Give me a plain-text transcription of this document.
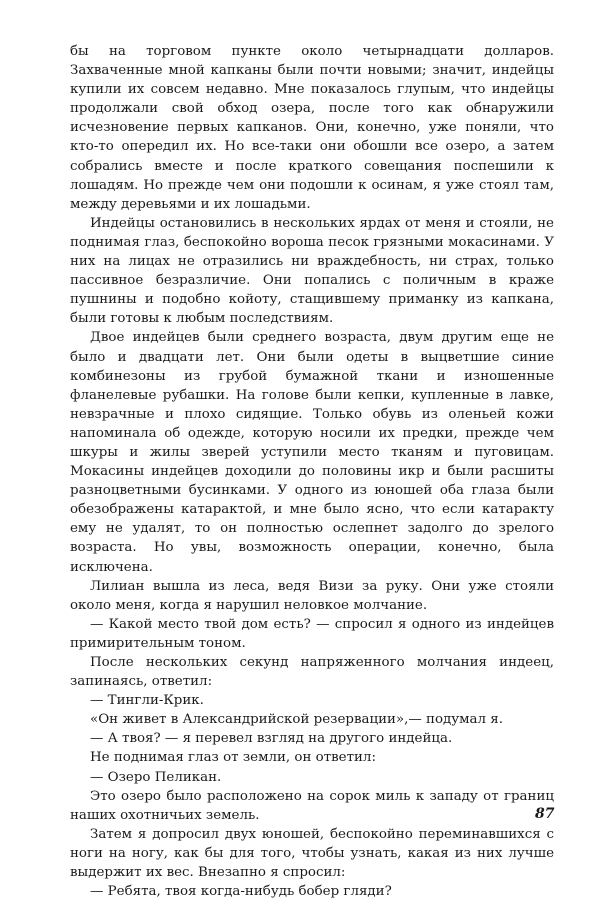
бы на торговом пункте около четырнадцати долларов. Захваченные мной капканы были почти новыми; значит, индейцы купили их совсем недавно. Мне показалось глупым, что индейцы продолжали свой обход озера, после того как обнаружили исчезновение первых капканов. Они, конечно, уже поняли, что кто-то опередил их. Но все-таки они обошли все озеро, а затем собрались вместе и после краткого совещания поспешили к лошадям. Но прежде чем они подошли к осинам, я уже стоял там, между деревьями и их лошадьми.

Индейцы остановились в нескольких ярдах от меня и стояли, не поднимая глаз, беспокойно вороша песок грязными мокасинами. У них на лицах не отразились ни враждебность, ни страх, только пассивное безразличие. Они попались с поличным в краже пушнины и подобно койоту, стащившему приманку из капкана, были готовы к любым последствиям.

Двое индейцев были среднего возраста, двум другим еще не было и двадцати лет. Они были одеты в выцветшие синие комбинезоны из грубой бумажной ткани и изношенные фланелевые рубашки. На голове были кепки, купленные в лавке, невзрачные и плохо сидящие. Только обувь из оленьей кожи напоминала об одежде, которую носили их предки, прежде чем шкуры и жилы зверей уступили место тканям и пуговицам. Мокасины индейцев доходили до половины икр и были расшиты разноцветными бусинками. У одного из юношей оба глаза были обезображены катарактой, и мне было ясно, что если катаракту ему не удалят, то он полностью ослепнет задолго до зрелого возраста. Но увы, возможность операции, конечно, была исключена.

Лилиан вышла из леса, ведя Визи за руку. Они уже стояли около меня, когда я нарушил неловкое молчание.

— Какой место твой дом есть? — спросил я одного из индейцев примирительным тоном.

После нескольких секунд напряженного молчания индеец, запинаясь, ответил:

— Тингли-Крик.

«Он живет в Александрийской резервации»,— подумал я.

— А твоя? — я перевел взгляд на другого индейца.

Не поднимая глаз от земли, он ответил:

— Озеро Пеликан.

Это озеро было расположено на сорок миль к западу от границ наших охотничьих земель.

Затем я допросил двух юношей, беспокойно переминавшихся с ноги на ногу, как бы для того, чтобы узнать, какая из них лучше выдержит их вес. Внезапно я спросил:

— Ребята, твоя когда-нибудь бобер гляди?

87
